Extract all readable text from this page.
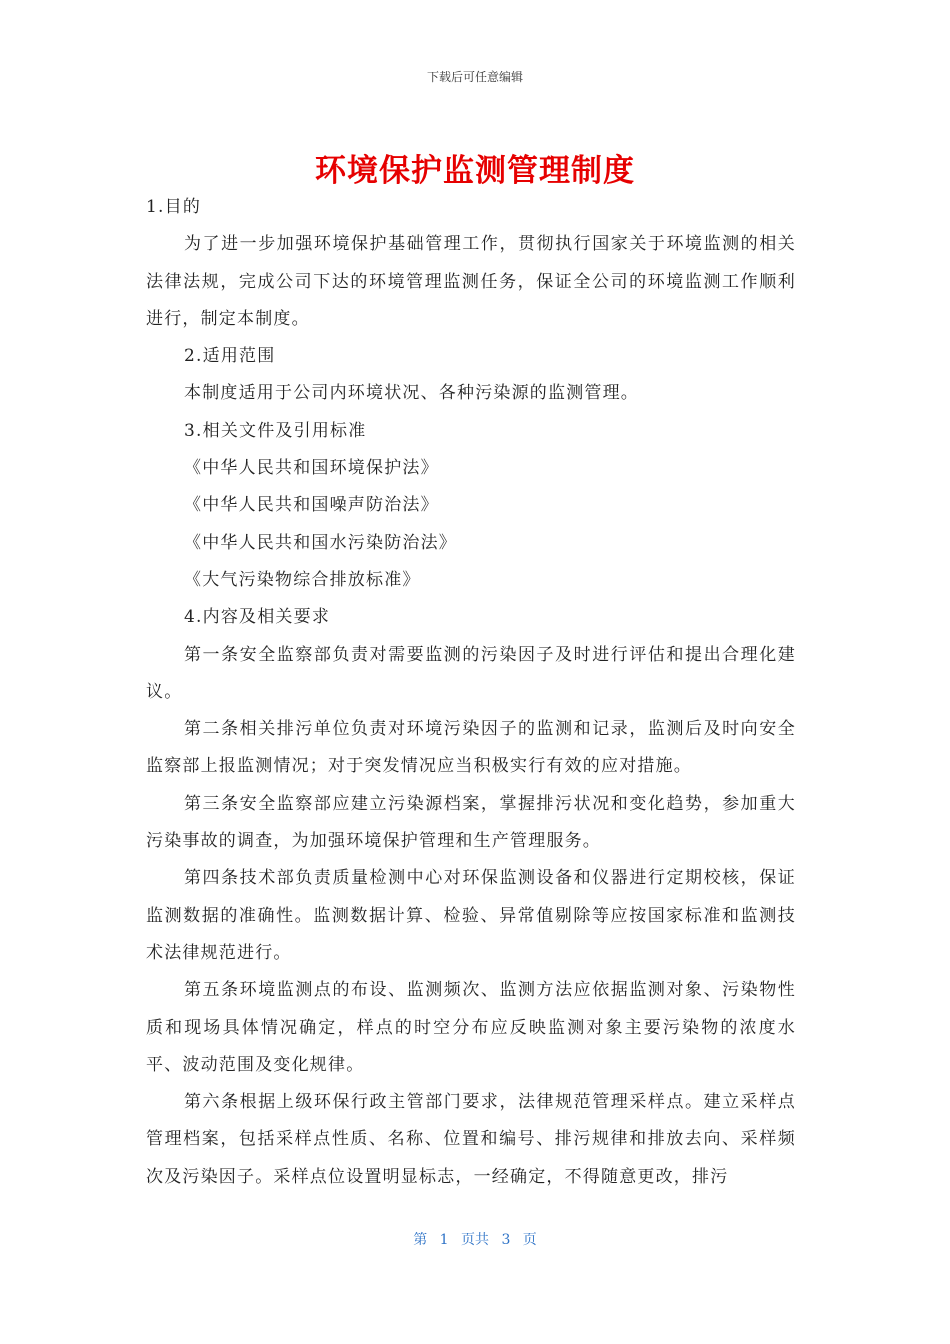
下载后可任意编辑
环境保护监测管理制度

1.目的

为了进一步加强环境保护基础管理工作，贯彻执行国家关于环境监测的相关法律法规，完成公司下达的环境管理监测任务，保证全公司的环境监测工作顺利进行，制定本制度。

2.适用范围

本制度适用于公司内环境状况、各种污染源的监测管理。

3.相关文件及引用标准

《中华人民共和国环境保护法》

《中华人民共和国噪声防治法》

《中华人民共和国水污染防治法》

《大气污染物综合排放标准》

4.内容及相关要求

第一条安全监察部负责对需要监测的污染因子及时进行评估和提出合理化建议。

第二条相关排污单位负责对环境污染因子的监测和记录，监测后及时向安全监察部上报监测情况；对于突发情况应当积极实行有效的应对措施。

第三条安全监察部应建立污染源档案，掌握排污状况和变化趋势，参加重大污染事故的调查，为加强环境保护管理和生产管理服务。

第四条技术部负责质量检测中心对环保监测设备和仪器进行定期校核，保证监测数据的准确性。监测数据计算、检验、异常值剔除等应按国家标准和监测技术法律规范进行。

第五条环境监测点的布设、监测频次、监测方法应依据监测对象、污染物性质和现场具体情况确定，样点的时空分布应反映监测对象主要污染物的浓度水平、波动范围及变化规律。

第六条根据上级环保行政主管部门要求，法律规范管理采样点。建立采样点管理档案，包括采样点性质、名称、位置和编号、排污规律和排放去向、采样频次及污染因子。采样点位设置明显标志，一经确定，不得随意更改，排污

第 1 页共 3 页
